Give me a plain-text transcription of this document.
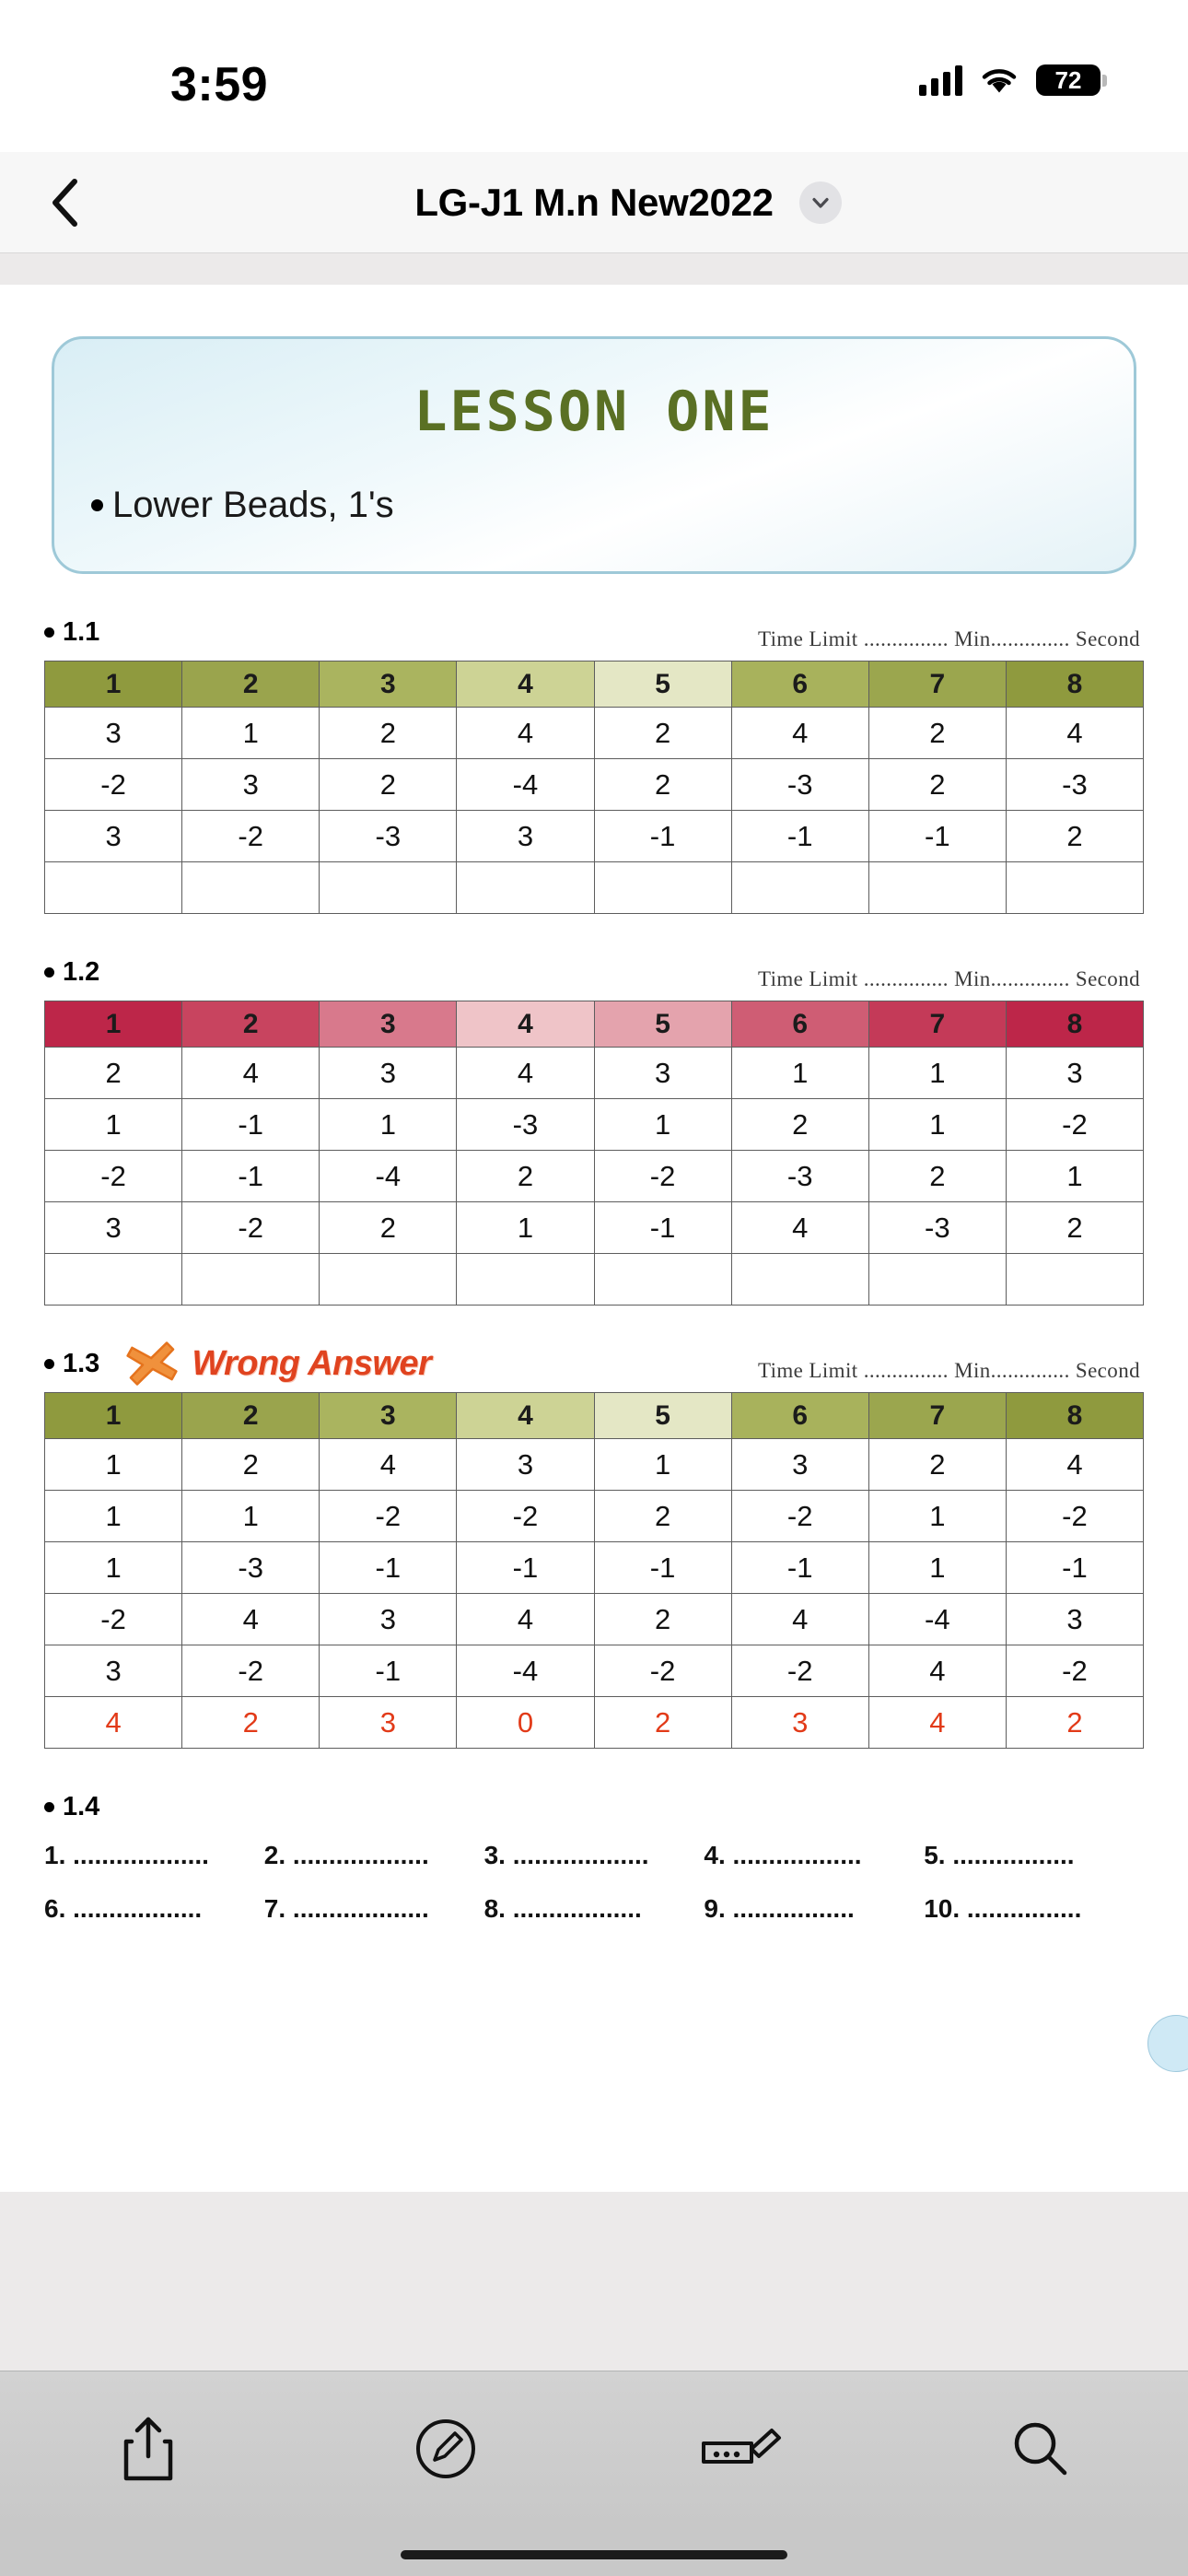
3:59	72
LG-J1 M.n New2022
LESSON ONE
Lower Beads, 1's
1.1	Time Limit ............... Min.............. Second
1	2	3	4	5	6	7	8
3	1	2	4	2	4	2	4
-2	3	2	-4	2	-3	2	-3
3	-2	-3	3	-1	-1	-1	2

1.2	Time Limit ............... Min.............. Second
1	2	3	4	5	6	7	8
2	4	3	4	3	1	1	3
1	-1	1	-3	1	2	1	-2
-2	-1	-4	2	-2	-3	2	1
3	-2	2	1	-1	4	-3	2

1.3	Wrong Answer	Time Limit ............... Min.............. Second
1	2	3	4	5	6	7	8
1	2	4	3	1	3	2	4
1	1	-2	-2	2	-2	1	-2
1	-3	-1	-1	-1	-1	1	-1
-2	4	3	4	2	4	-4	3
3	-2	-1	-4	-2	-2	4	-2
4	2	3	0	2	3	4	2
1.4
1. ...................	2. ...................	3. ...................	4. ..................	5. .................
6. ..................	7. ...................	8. ..................	9. .................	10. ................
